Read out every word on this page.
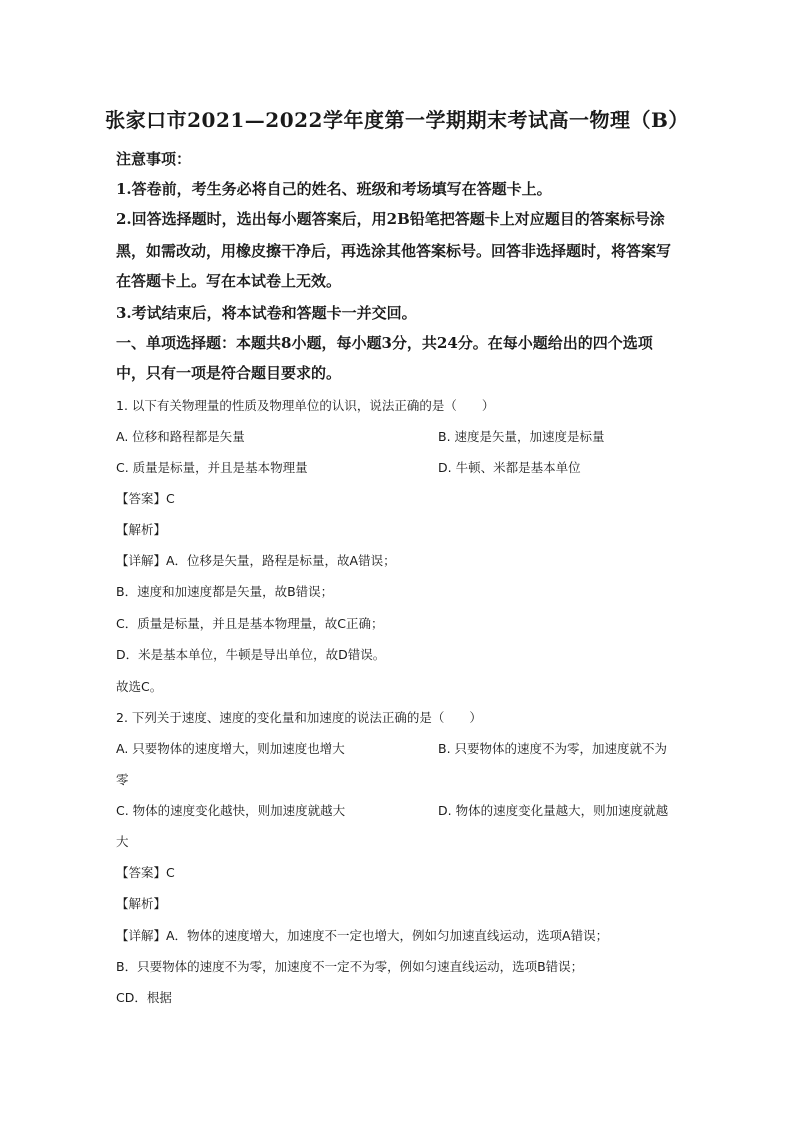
张家口市2021—2022学年度第一学期期末考试高一物理（B）
注意事项：
1.答卷前，考生务必将自己的姓名、班级和考场填写在答题卡上。
2.回答选择题时，选出每小题答案后，用2B铅笔把答题卡上对应题目的答案标号涂
黑，如需改动，用橡皮擦干净后，再选涂其他答案标号。回答非选择题时，将答案写
在答题卡上。写在本试卷上无效。
3.考试结束后，将本试卷和答题卡一并交回。
一、单项选择题：本题共8小题，每小题3分，共24分。在每小题给出的四个选项
中，只有一项是符合题目要求的。
1. 以下有关物理量的性质及物理单位的认识，说法正确的是（　　）
A. 位移和路程都是矢量	B. 速度是矢量，加速度是标量
C. 质量是标量，并且是基本物理量	D. 牛顿、米都是基本单位
【答案】C
【解析】
【详解】A．位移是矢量，路程是标量，故A错误；
B．速度和加速度都是矢量，故B错误；
C．质量是标量，并且是基本物理量，故C正确；
D．米是基本单位，牛顿是导出单位，故D错误。
故选C。
2. 下列关于速度、速度的变化量和加速度的说法正确的是（　　）
A. 只要物体的速度增大，则加速度也增大	B. 只要物体的速度不为零，加速度就不为
零
C. 物体的速度变化越快，则加速度就越大	D. 物体的速度变化量越大，则加速度就越
大
【答案】C
【解析】
【详解】A．物体的速度增大，加速度不一定也增大，例如匀加速直线运动，选项A错误；
B．只要物体的速度不为零，加速度不一定不为零，例如匀速直线运动，选项B错误；
CD．根据
